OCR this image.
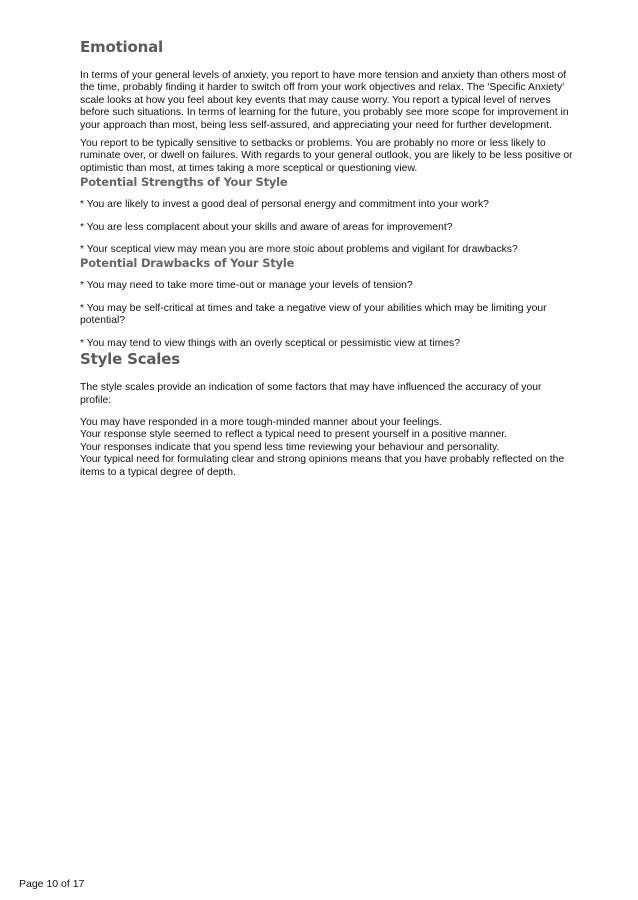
Emotional

In terms of your general levels of anxiety, you report to have more tension and anxiety than others most of the time, probably finding it harder to switch off from your work objectives and relax. The 'Specific Anxiety' scale looks at how you feel about key events that may cause worry. You report a typical level of nerves before such situations. In terms of learning for the future, you probably see more scope for improvement in your approach than most, being less self-assured, and appreciating your need for further development.

You report to be typically sensitive to setbacks or problems. You are probably no more or less likely to ruminate over, or dwell on failures. With regards to your general outlook, you are likely to be less positive or optimistic than most, at times taking a more sceptical or questioning view.

Potential Strengths of Your Style

* You are likely to invest a good deal of personal energy and commitment into your work?

* You are less complacent about your skills and aware of areas for improvement?

* Your sceptical view may mean you are more stoic about problems and vigilant for drawbacks?

Potential Drawbacks of Your Style

* You may need to take more time-out or manage your levels of tension?

* You may be self-critical at times and take a negative view of your abilities which may be limiting your potential?

* You may tend to view things with an overly sceptical or pessimistic view at times?

Style Scales

The style scales provide an indication of some factors that may have influenced the accuracy of your profile:

You may have responded in a more tough-minded manner about your feelings.

Your response style seemed to reflect a typical need to present yourself in a positive manner.

Your responses indicate that you spend less time reviewing your behaviour and personality.

Your typical need for formulating clear and strong opinions means that you have probably reflected on the items to a typical degree of depth.

Page 10 of 17
